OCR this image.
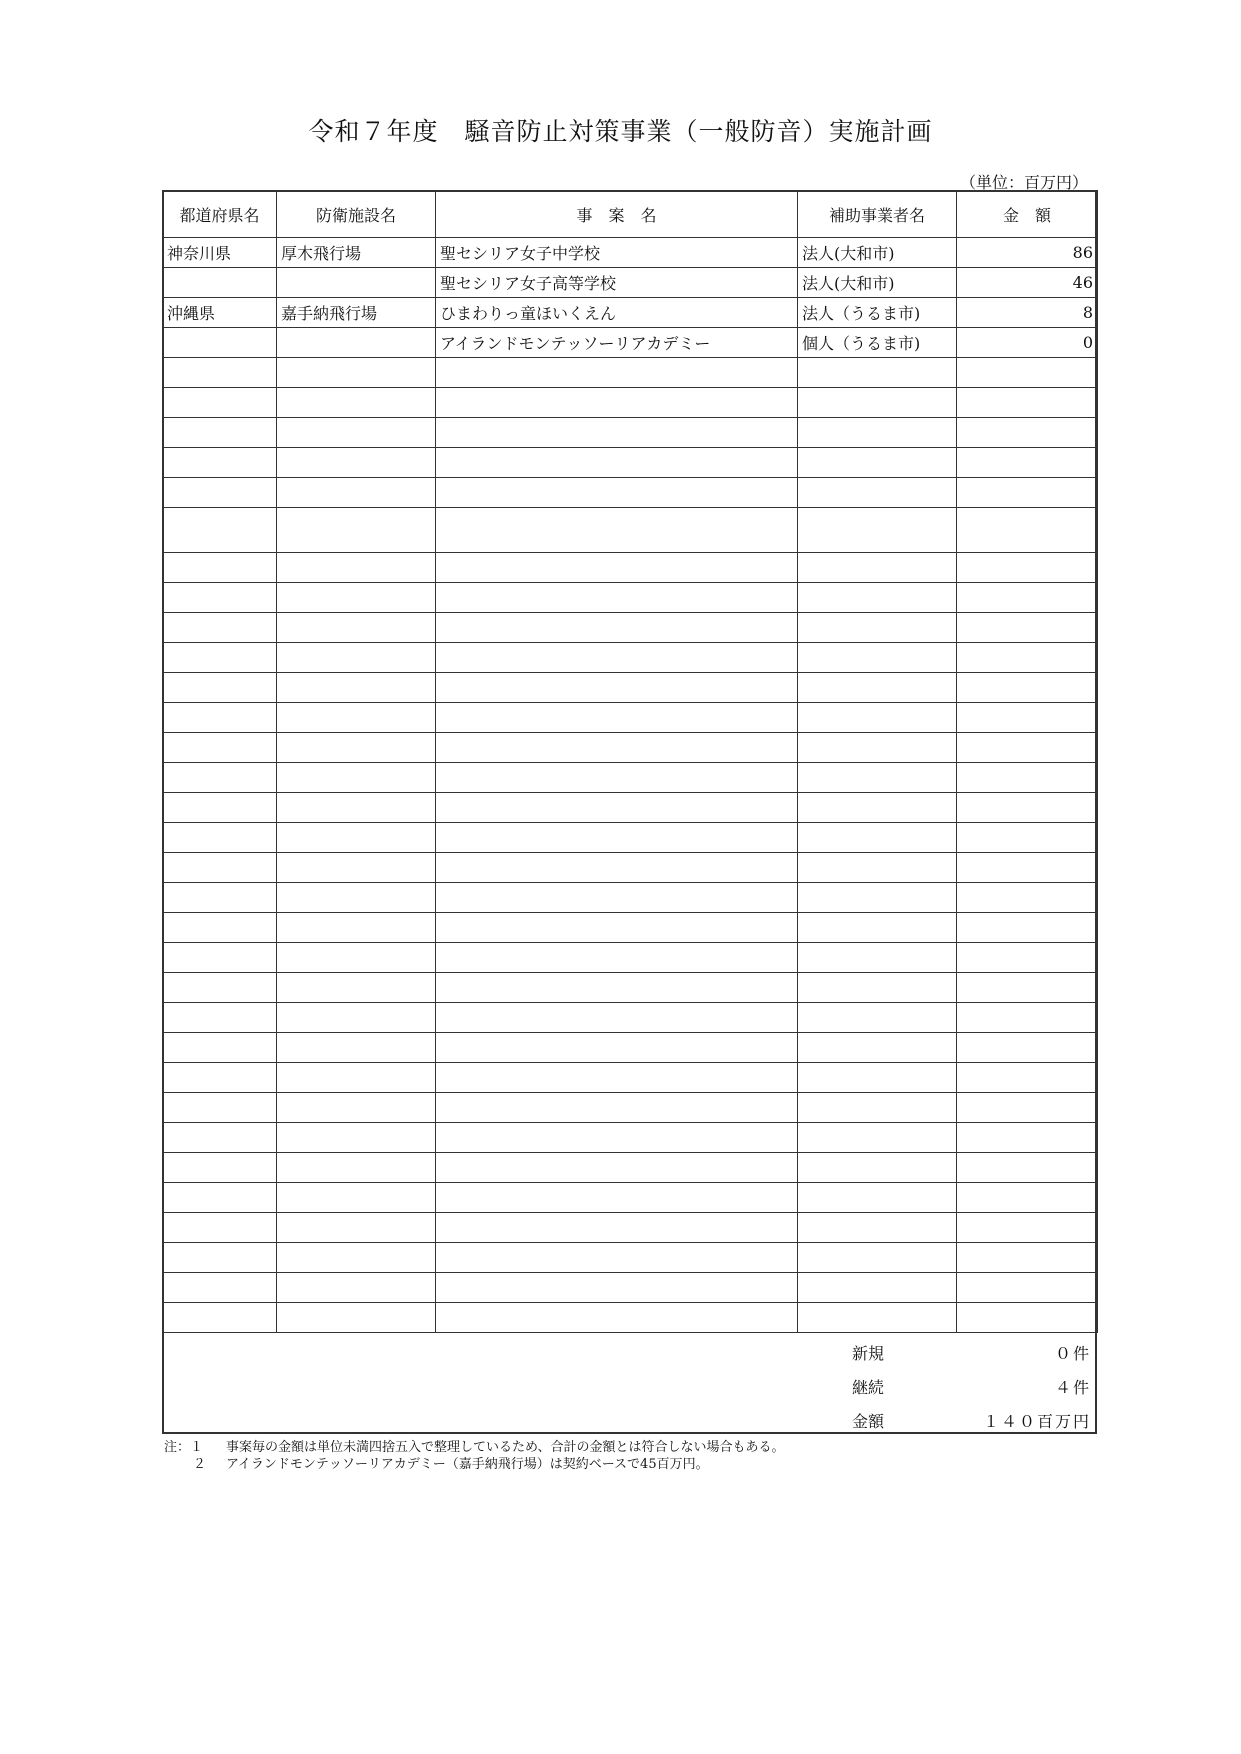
令和７年度　騒音防止対策事業（一般防音）実施計画
（単位：百万円）
都道府県名	防衛施設名	事　案　名	補助事業者名	金　額
神奈川県	厚木飛行場	聖セシリア女子中学校	法人(大和市)	86
		聖セシリア女子高等学校	法人(大和市)	46
沖縄県	嘉手納飛行場	ひまわりっ童ほいくえん	法人（うるま市)	8
		アイランドモンテッソーリアカデミー	個人（うるま市)	0

新規	０件
継続	４件
金額	１４０百万円
注：１ 事案毎の金額は単位未満四捨五入で整理しているため、合計の金額とは符合しない場合もある。
２ アイランドモンテッソーリアカデミー（嘉手納飛行場）は契約ベースで45百万円。
